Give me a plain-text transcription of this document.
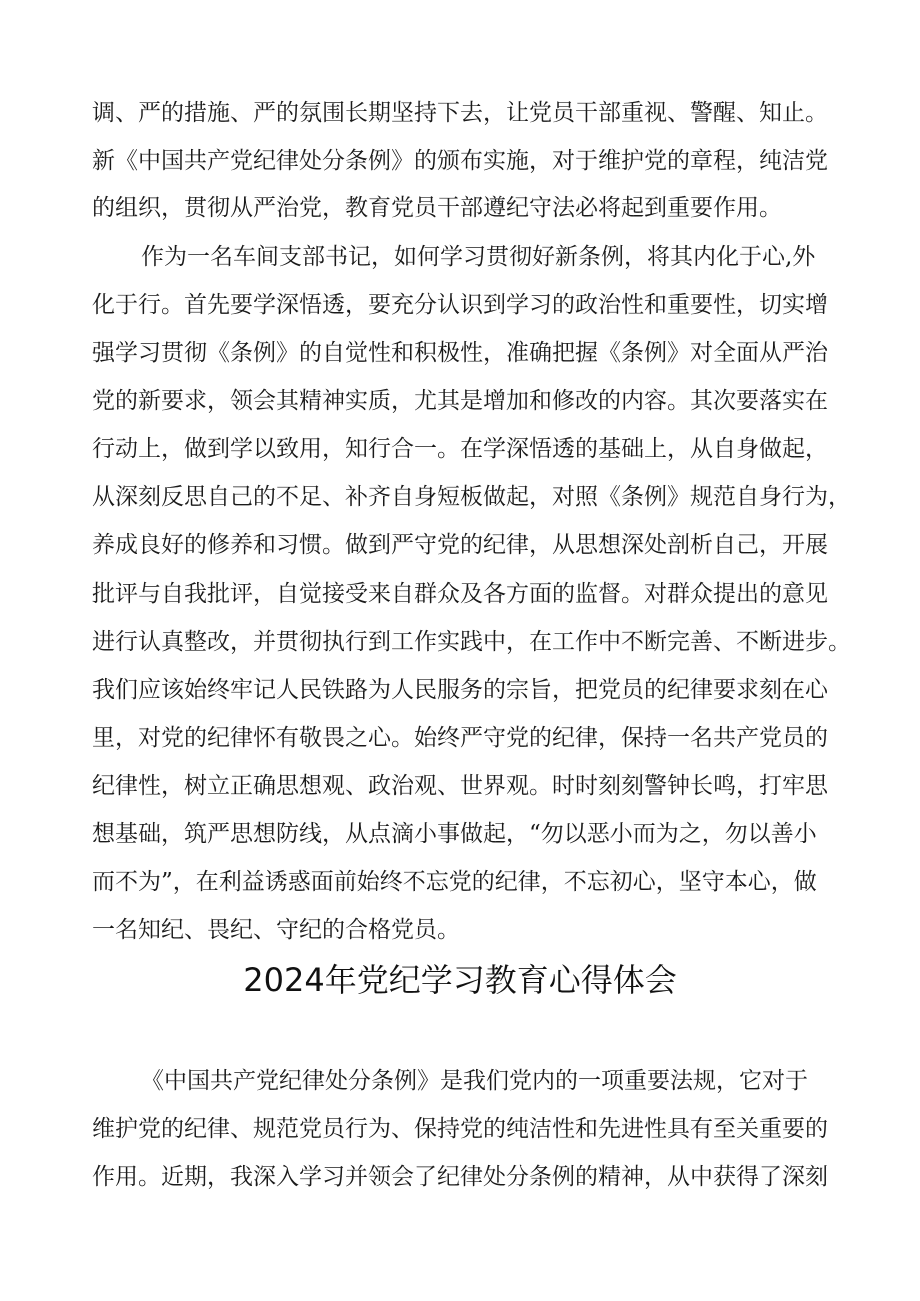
调、严的措施、严的氛围长期坚持下去，让党员干部重视、警醒、知止。

新《中国共产党纪律处分条例》的颁布实施，对于维护党的章程，纯洁党

的组织，贯彻从严治党，教育党员干部遵纪守法必将起到重要作用。

作为一名车间支部书记，如何学习贯彻好新条例，将其内化于心,外

化于行。首先要学深悟透，要充分认识到学习的政治性和重要性，切实增

强学习贯彻《条例》的自觉性和积极性，准确把握《条例》对全面从严治

党的新要求，领会其精神实质，尤其是增加和修改的内容。其次要落实在

行动上，做到学以致用，知行合一。在学深悟透的基础上，从自身做起，

从深刻反思自己的不足、补齐自身短板做起，对照《条例》规范自身行为，

养成良好的修养和习惯。做到严守党的纪律，从思想深处剖析自己，开展

批评与自我批评，自觉接受来自群众及各方面的监督。对群众提出的意见

进行认真整改，并贯彻执行到工作实践中，在工作中不断完善、不断进步。

我们应该始终牢记人民铁路为人民服务的宗旨，把党员的纪律要求刻在心

里，对党的纪律怀有敬畏之心。始终严守党的纪律，保持一名共产党员的

纪律性，树立正确思想观、政治观、世界观。时时刻刻警钟长鸣，打牢思

想基础，筑严思想防线，从点滴小事做起，“勿以恶小而为之，勿以善小

而不为”，在利益诱惑面前始终不忘党的纪律，不忘初心，坚守本心，做

一名知纪、畏纪、守纪的合格党员。

2024年党纪学习教育心得体会

《中国共产党纪律处分条例》是我们党内的一项重要法规，它对于

维护党的纪律、规范党员行为、保持党的纯洁性和先进性具有至关重要的

作用。近期，我深入学习并领会了纪律处分条例的精神，从中获得了深刻
